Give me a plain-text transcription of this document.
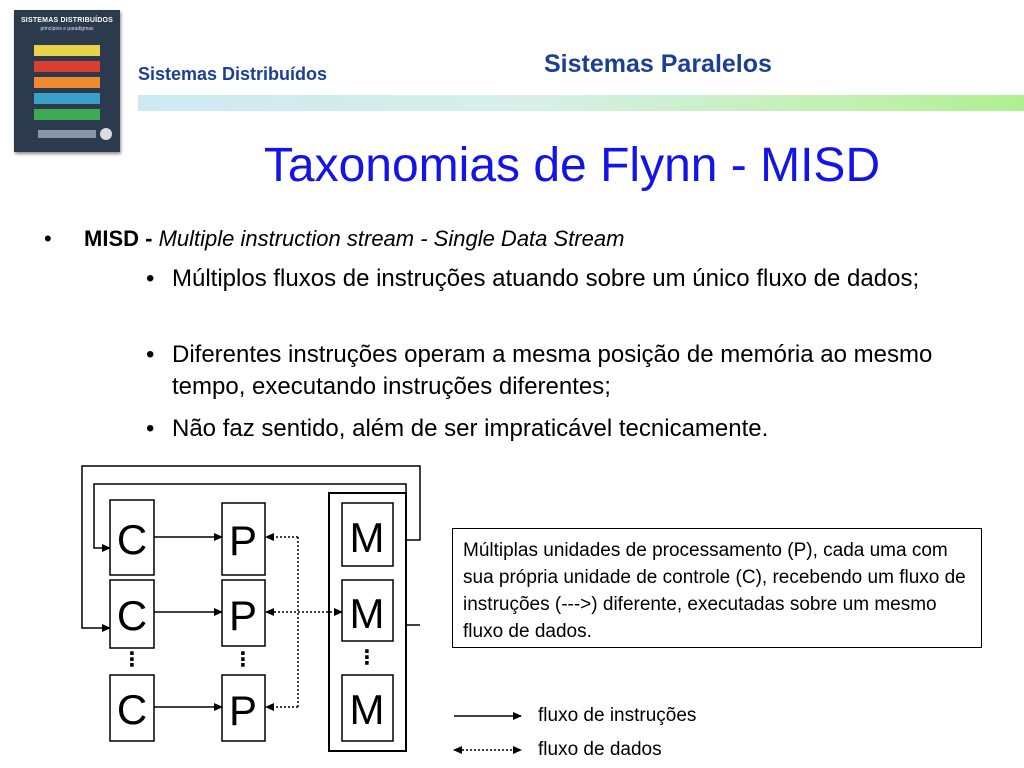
SISTEMAS DISTRIBUÍDOS
princípios e paradigmas
Sistemas Distribuídos	Sistemas Paralelos
Taxonomias de Flynn - MISD
• MISD - Multiple instruction stream - Single Data Stream
• Múltiplos fluxos de instruções atuando sobre um único fluxo de dados;
• Diferentes instruções operam a mesma posição de memória ao mesmo tempo, executando instruções diferentes;
• Não faz sentido, além de ser impraticável tecnicamente.
C
C
C
P
P
P
M
M
M
⋮	⋮	⋮
Múltiplas unidades de processamento (P), cada uma com sua própria unidade de controle (C), recebendo um fluxo de instruções (--->) diferente, executadas sobre um mesmo fluxo de dados.
fluxo de instruções
fluxo de dados
